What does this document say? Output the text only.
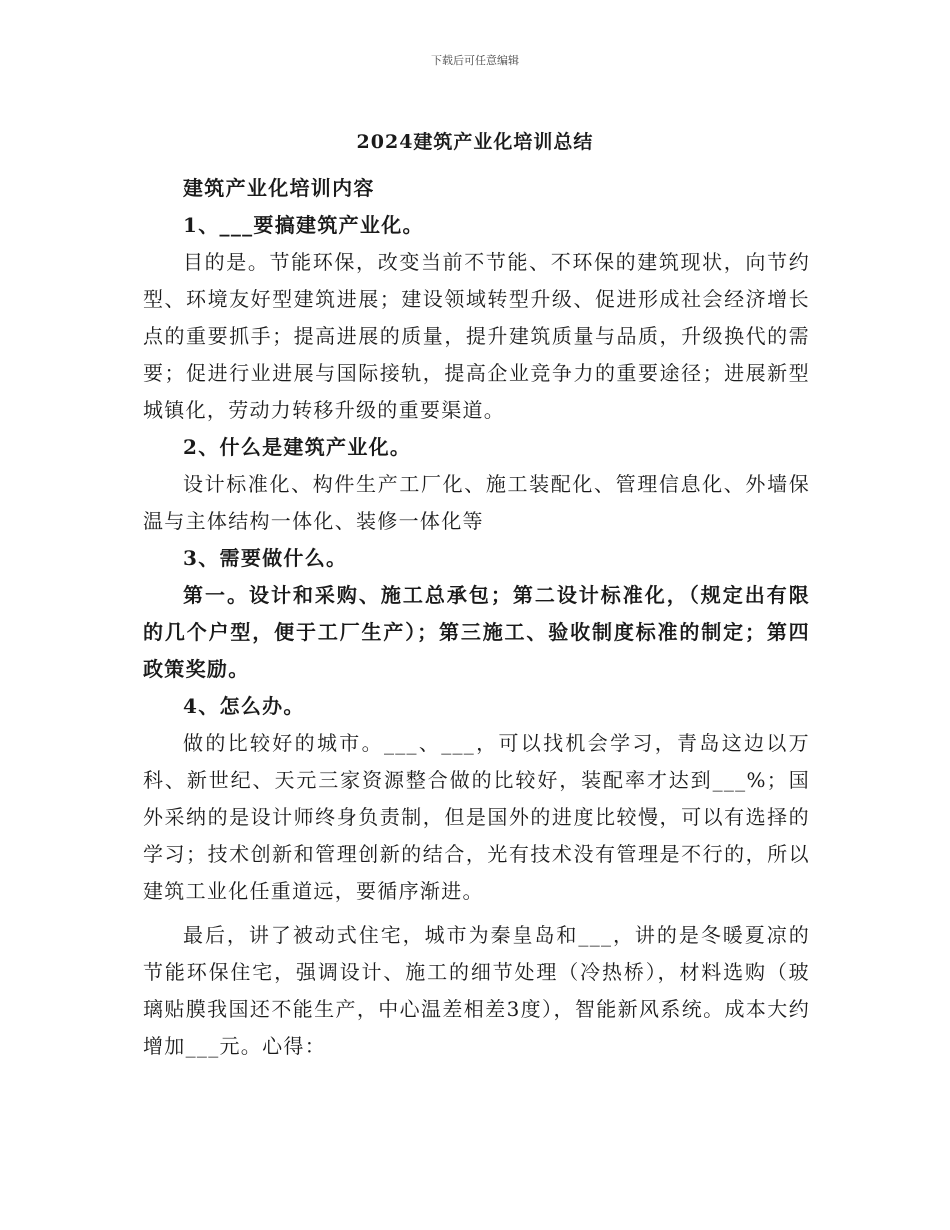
下载后可任意编辑
2024建筑产业化培训总结

建筑产业化培训内容

1、___要搞建筑产业化。

目的是。节能环保，改变当前不节能、不环保的建筑现状，向节约型、环境友好型建筑进展；建设领域转型升级、促进形成社会经济增长点的重要抓手；提高进展的质量，提升建筑质量与品质，升级换代的需要；促进行业进展与国际接轨，提高企业竞争力的重要途径；进展新型城镇化，劳动力转移升级的重要渠道。

2、什么是建筑产业化。

设计标准化、构件生产工厂化、施工装配化、管理信息化、外墙保温与主体结构一体化、装修一体化等

3、需要做什么。

第一。设计和采购、施工总承包；第二设计标准化，（规定出有限的几个户型，便于工厂生产）；第三施工、验收制度标准的制定；第四政策奖励。

4、怎么办。

做的比较好的城市。___、___，可以找机会学习，青岛这边以万科、新世纪、天元三家资源整合做的比较好，装配率才达到___%；国外采纳的是设计师终身负责制，但是国外的进度比较慢，可以有选择的学习；技术创新和管理创新的结合，光有技术没有管理是不行的，所以建筑工业化任重道远，要循序渐进。

最后，讲了被动式住宅，城市为秦皇岛和___，讲的是冬暖夏凉的节能环保住宅，强调设计、施工的细节处理（冷热桥），材料选购（玻璃贴膜我国还不能生产，中心温差相差3度），智能新风系统。成本大约增加___元。心得：
